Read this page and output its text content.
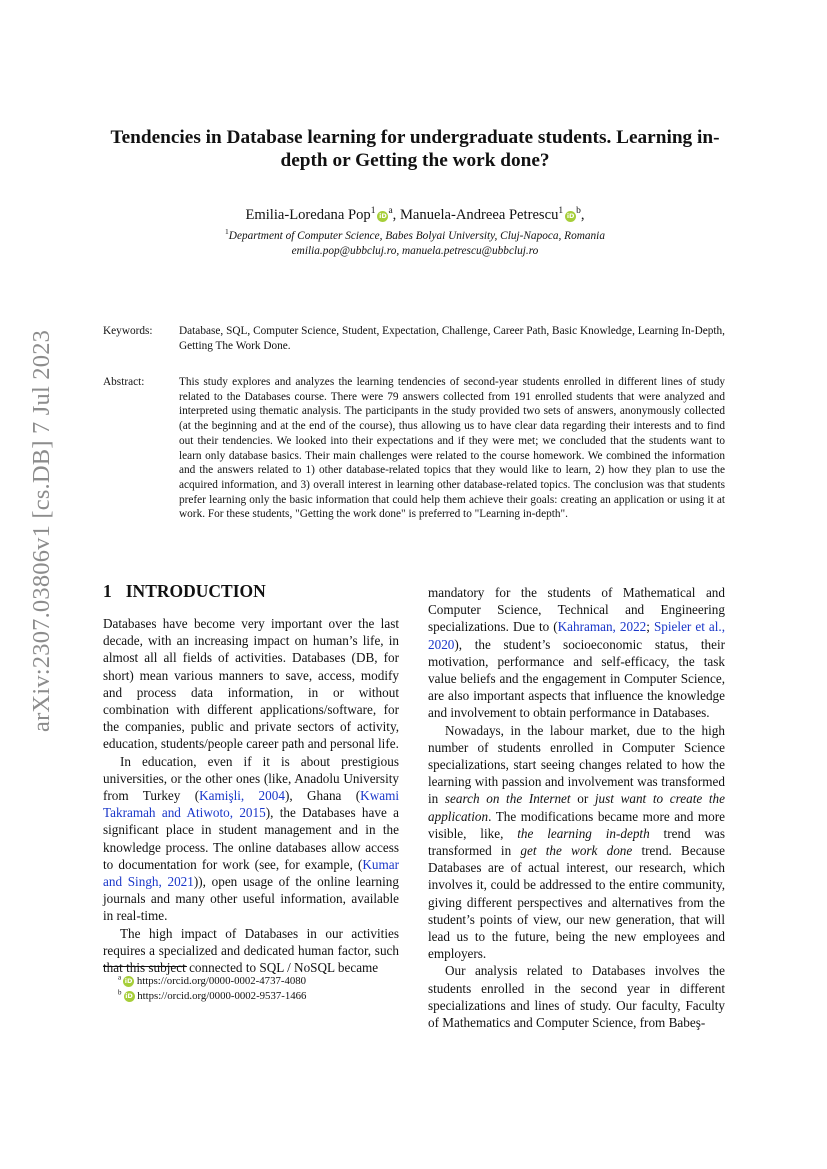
arXiv:2307.03806v1 [cs.DB] 7 Jul 2023
Tendencies in Database learning for undergraduate students. Learning in-depth or Getting the work done?
Emilia-Loredana Pop$^1$ iD $^a$, Manuela-Andreea Petrescu$^1$ iD $^b$,
$^1$Department of Computer Science, Babes Bolyai University, Cluj-Napoca, Romania
emilia.pop@ubbcluj.ro, manuela.petrescu@ubbcluj.ro
Keywords: Database, SQL, Computer Science, Student, Expectation, Challenge, Career Path, Basic Knowledge, Learning In-Depth, Getting The Work Done.
Abstract:	This study explores and analyzes the learning tendencies of second-year students enrolled in different lines of study related to the Databases course. There were 79 answers collected from 191 enrolled students that were analyzed and interpreted using thematic analysis. The participants in the study provided two sets of answers, anonymously collected (at the beginning and at the end of the course), thus allowing us to have clear data regarding their interests and to find out their tendencies. We looked into their expectations and if they were met; we concluded that the students want to learn only database basics. Their main challenges were related to the course homework. We combined the information and the answers related to 1) other database-related topics that they would like to learn, 2) how they plan to use the acquired information, and 3) overall interest in learning other database-related topics. The conclusion was that students prefer learning only the basic information that could help them achieve their goals: creating an application or using it at work. For these students, "Getting the work done" is preferred to "Learning in-depth".
1 INTRODUCTION

Databases have become very important over the last decade, with an increasing impact on human’s life, in almost all all fields of activities. Databases (DB, for short) mean various manners to save, access, modify and process data information, in or without combination with different applications/software, for the companies, public and private sectors of activity, education, students/people career path and personal life.

In education, even if it is about prestigious universities, or the other ones (like, Anadolu University from Turkey (Kamişli, 2004), Ghana (Kwami Takramah and Atiwoto, 2015), the Databases have a significant place in student management and in the knowledge process. The online databases allow access to documentation for work (see, for example, (Kumar and Singh, 2021)), open usage of the online learning journals and many other useful information, available in real-time.

The high impact of Databases in our activities requires a specialized and dedicated human factor, such that this subject connected to SQL / NoSQL became

mandatory for the students of Mathematical and Computer Science, Technical and Engineering specializations. Due to (Kahraman, 2022; Spieler et al., 2020), the student’s socioeconomic status, their motivation, performance and self-efficacy, the task value beliefs and the engagement in Computer Science, are also important aspects that influence the knowledge and involvement to obtain performance in Databases.

Nowadays, in the labour market, due to the high number of students enrolled in Computer Science specializations, start seeing changes related to how the learning with passion and involvement was transformed in search on the Internet or just want to create the application. The modifications became more and more visible, like, the learning in-depth trend was transformed in get the work done trend. Because Databases are of actual interest, our research, which involves it, could be addressed to the entire community, giving different perspectives and alternatives from the student’s points of view, our new generation, that will lead us to the future, being the new employees and employers.

Our analysis related to Databases involves the students enrolled in the second year in different specializations and lines of study. Our faculty, Faculty of Mathematics and Computer Science, from Babeş-

$^a$ iD https://orcid.org/0000-0002-4737-4080
$^b$ iD https://orcid.org/0000-0002-9537-1466
